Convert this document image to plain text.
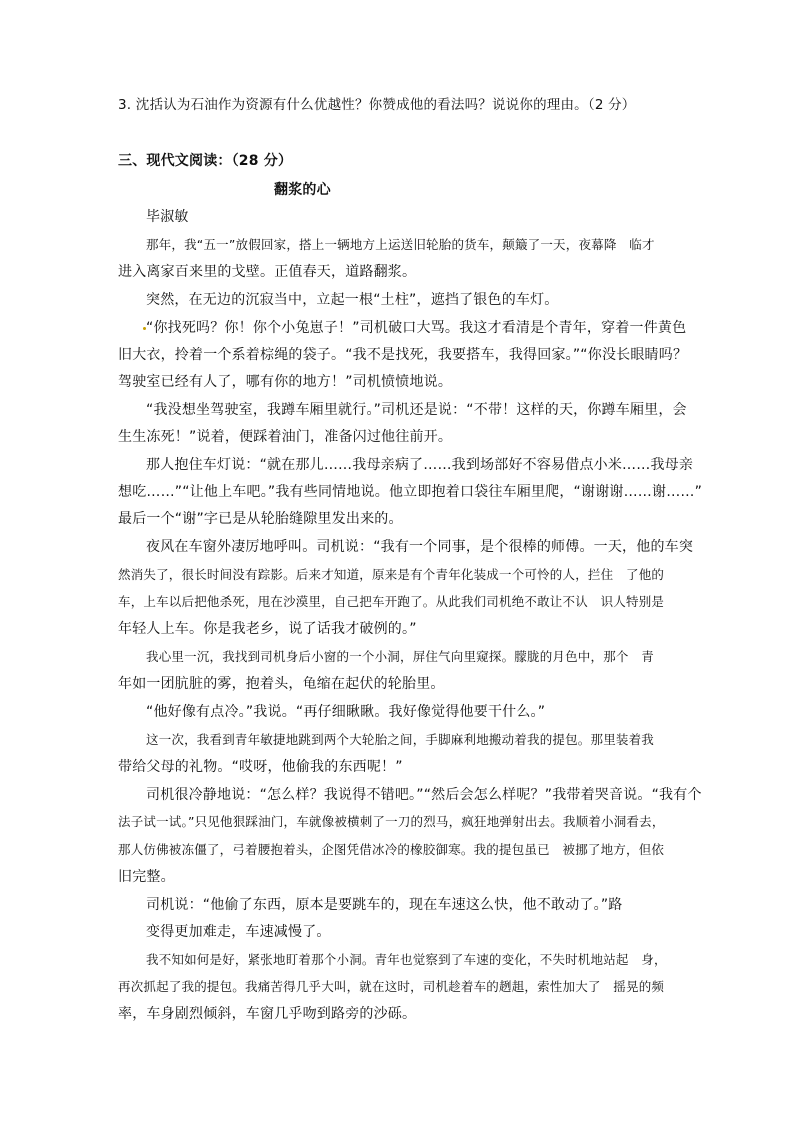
3. 沈括认为石油作为资源有什么优越性？你赞成他的看法吗？说说你的理由。（2 分）
三、现代文阅读：（28 分）
翻浆的心
毕淑敏
那年，我“五一”放假回家，搭上一辆地方上运送旧轮胎的货车，颠簸了一天，夜幕降　临才
进入离家百来里的戈壁。正值春天，道路翻浆。
突然，在无边的沉寂当中，立起一根“土柱”，遮挡了银色的车灯。
“你找死吗？你！你个小兔崽子！”司机破口大骂。我这才看清是个青年，穿着一件黄色
旧大衣，拎着一个系着棕绳的袋子。“我不是找死，我要搭车，我得回家。”“你没长眼睛吗？
驾驶室已经有人了，哪有你的地方！”司机愤愤地说。
“我没想坐驾驶室，我蹲车厢里就行。”司机还是说：“不带！这样的天，你蹲车厢里，会
生生冻死！”说着，便踩着油门，准备闪过他往前开。
那人抱住车灯说：“就在那儿……我母亲病了……我到场部好不容易借点小米……我母亲
想吃……”“让他上车吧。”我有些同情地说。他立即抱着口袋往车厢里爬，“谢谢谢……谢……”
最后一个“谢”字已是从轮胎缝隙里发出来的。
夜风在车窗外凄厉地呼叫。司机说：“我有一个同事，是个很棒的师傅。一天，他的车突
然消失了，很长时间没有踪影。后来才知道，原来是有个青年化装成一个可怜的人，拦住　了他的
车，上车以后把他杀死，甩在沙漠里，自己把车开跑了。从此我们司机绝不敢让不认　识人特别是
年轻人上车。你是我老乡，说了话我才破例的。”
我心里一沉，我找到司机身后小窗的一个小洞，屏住气向里窥探。朦胧的月色中，那个　青
年如一团肮脏的雾，抱着头，龟缩在起伏的轮胎里。
“他好像有点冷。”我说。“再仔细瞅瞅。我好像觉得他要干什么。”
这一次，我看到青年敏捷地跳到两个大轮胎之间，手脚麻利地搬动着我的提包。那里装着我
带给父母的礼物。“哎呀，他偷我的东西呢！”
司机很冷静地说：“怎么样？我说得不错吧。”“然后会怎么样呢？”我带着哭音说。“我有个
法子试一试。”只见他狠踩油门，车就像被横刺了一刀的烈马，疯狂地弹射出去。我顺着小洞看去，
那人仿佛被冻僵了，弓着腰抱着头，企图凭借冰冷的橡胶御寒。我的提包虽已　被挪了地方，但依
旧完整。
司机说：“他偷了东西，原本是要跳车的，现在车速这么快，他不敢动了。”路
变得更加难走，车速减慢了。
我不知如何是好，紧张地盯着那个小洞。青年也觉察到了车速的变化，不失时机地站起　身，
再次抓起了我的提包。我痛苦得几乎大叫，就在这时，司机趁着车的趔趄，索性加大了　摇晃的频
率，车身剧烈倾斜，车窗几乎吻到路旁的沙砾。
